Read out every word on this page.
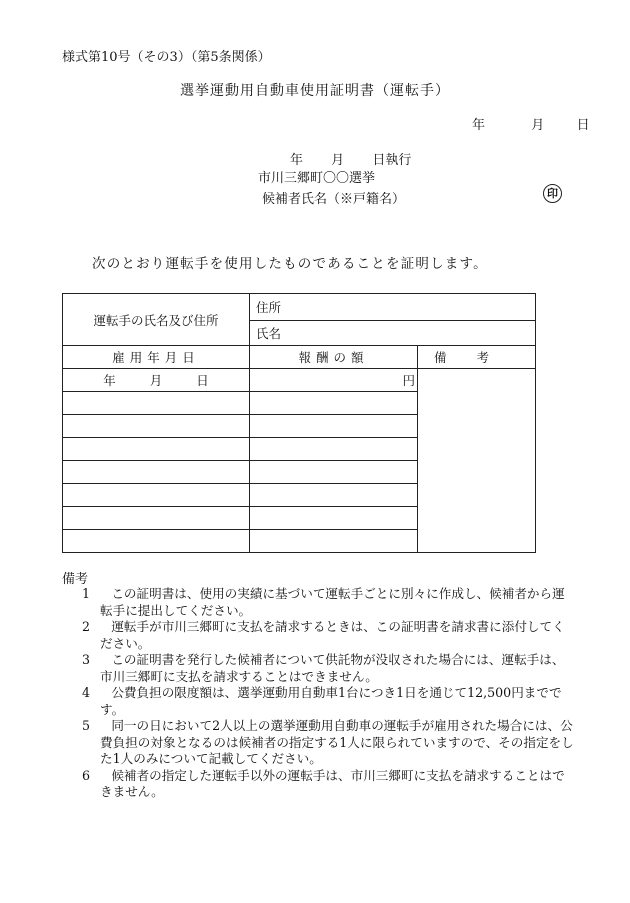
様式第10号（その3）（第5条関係）
選挙運動用自動車使用証明書（運転手）
年	月 日
年 月 日執行
市川三郷町〇〇選挙
候補者氏名（※戸籍名）	印
次のとおり運転手を使用したものであることを証明します。
運転手の氏名及び住所	住所	
	氏名	
雇用年月日	報酬の額	備考
年 月 日	円	

備考
1	この証明書は、使用の実績に基づいて運転手ごとに別々に作成し、候補者から運転手に提出してください。
2	運転手が市川三郷町に支払を請求するときは、この証明書を請求書に添付してください。
3	この証明書を発行した候補者について供託物が没収された場合には、運転手は、市川三郷町に支払を請求することはできません。
4	公費負担の限度額は、選挙運動用自動車1台につき1日を通じて12,500円までです。
5	同一の日において2人以上の選挙運動用自動車の運転手が雇用された場合には、公費負担の対象となるのは候補者の指定する1人に限られていますので、その指定をした1人のみについて記載してください。
6	候補者の指定した運転手以外の運転手は、市川三郷町に支払を請求することはできません。
